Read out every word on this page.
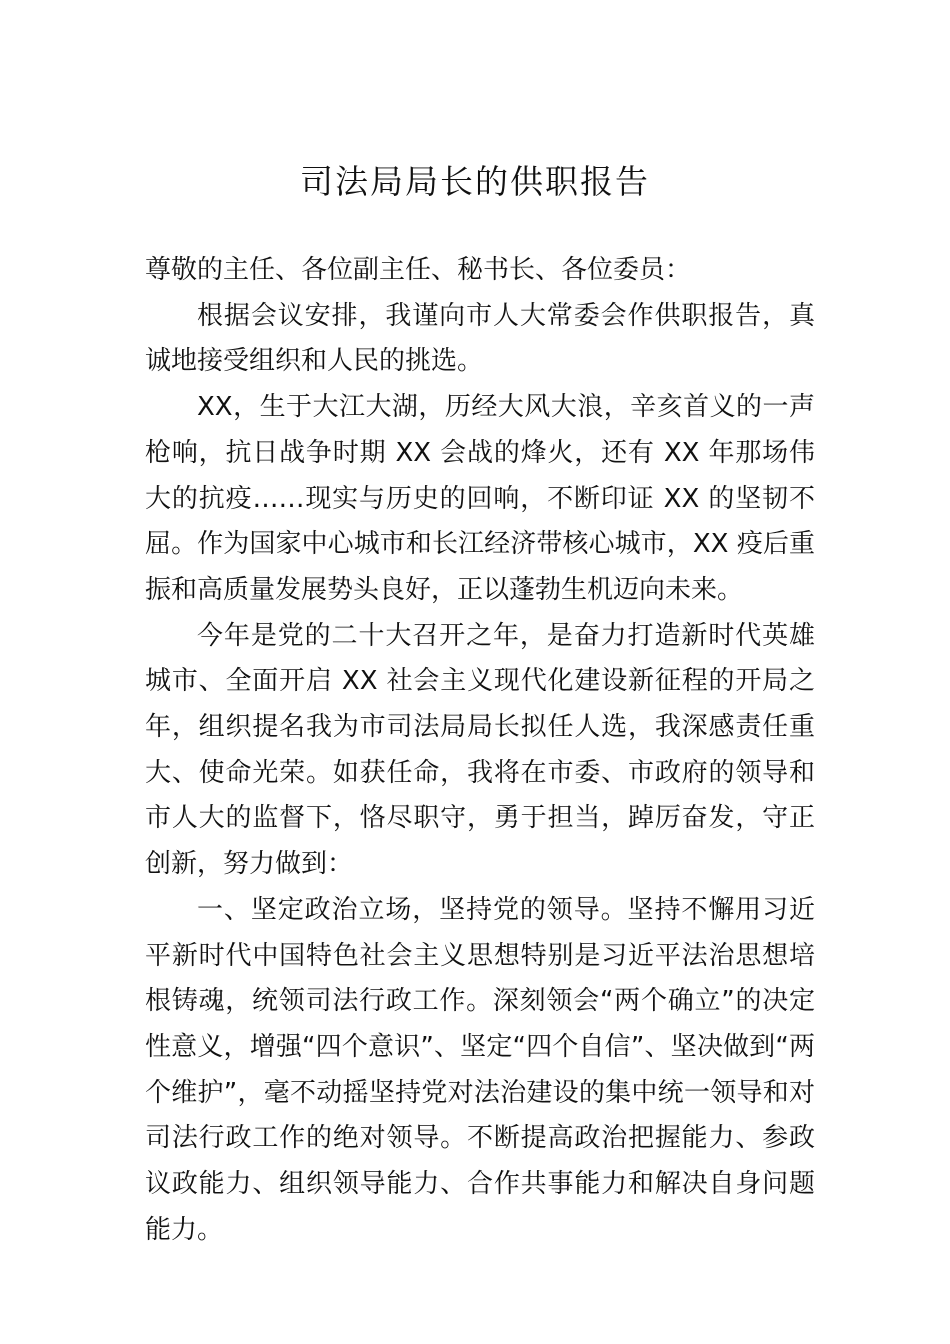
司法局局长的供职报告

尊敬的主任、各位副主任、秘书长、各位委员：

根据会议安排，我谨向市人大常委会作供职报告，真诚地接受组织和人民的挑选。

XX，生于大江大湖，历经大风大浪，辛亥首义的一声枪响，抗日战争时期 XX 会战的烽火，还有 XX 年那场伟大的抗疫……现实与历史的回响，不断印证 XX 的坚韧不屈。作为国家中心城市和长江经济带核心城市，XX 疫后重振和高质量发展势头良好，正以蓬勃生机迈向未来。

今年是党的二十大召开之年，是奋力打造新时代英雄城市、全面开启 XX 社会主义现代化建设新征程的开局之年，组织提名我为市司法局局长拟任人选，我深感责任重大、使命光荣。如获任命，我将在市委、市政府的领导和市人大的监督下，恪尽职守，勇于担当，踔厉奋发，守正创新，努力做到：

一、坚定政治立场，坚持党的领导。坚持不懈用习近平新时代中国特色社会主义思想特别是习近平法治思想培根铸魂，统领司法行政工作。深刻领会“两个确立”的决定性意义，增强“四个意识”、坚定“四个自信”、坚决做到“两个维护”，毫不动摇坚持党对法治建设的集中统一领导和对司法行政工作的绝对领导。不断提高政治把握能力、参政议政能力、组织领导能力、合作共事能力和解决自身问题能力。
